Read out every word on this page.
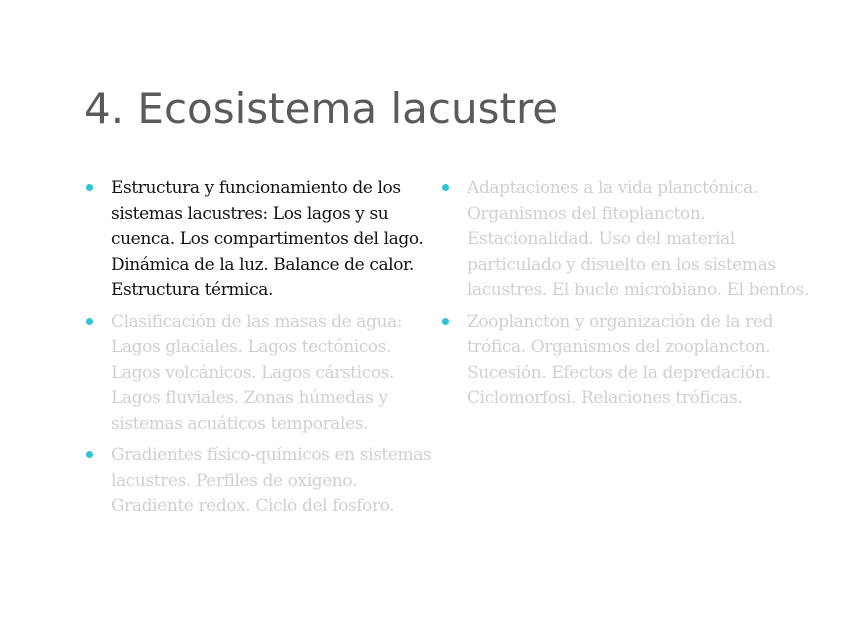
4. Ecosistema lacustre
Estructura y funcionamiento de los sistemas lacustres: Los lagos y su cuenca. Los compartimentos del lago. Dinámica de la luz. Balance de calor. Estructura térmica.
Clasificación de las masas de agua: Lagos glaciales. Lagos tectónicos. Lagos volcánicos. Lagos cársticos. Lagos fluviales. Zonas húmedas y sistemas acuáticos temporales.
Gradientes físico-químicos en sistemas lacustres. Perfiles de oxigeno. Gradiente redox. Ciclo del fosforo.
Adaptaciones a la vida planctónica. Organismos del fitoplancton. Estacionalidad. Uso del material particulado y disuelto en los sistemas lacustres. El bucle microbiano. El bentos.
Zooplancton y organización de la red trófica. Organismos del zooplancton. Sucesión. Efectos de la depredación. Ciclomorfosi. Relaciones tróficas.
